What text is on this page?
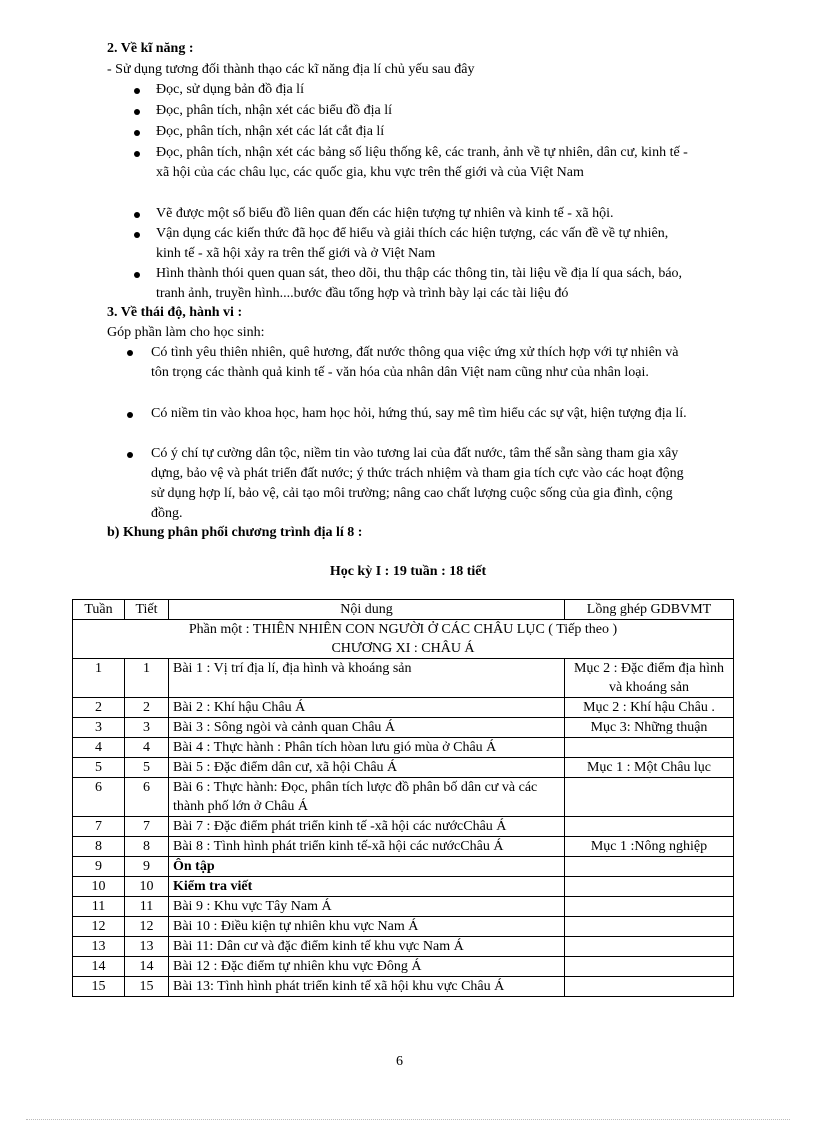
2. Về kĩ năng :
- Sử dụng tương đối thành thạo các kĩ năng địa lí chủ yếu sau đây
Đọc, sử dụng bản đồ địa lí
Đọc, phân tích, nhận xét các biểu đồ địa lí
Đọc, phân tích, nhận xét các lát cắt địa lí
Đọc, phân tích, nhận xét các bảng số liệu thống kê, các tranh, ảnh về tự nhiên, dân cư, kinh tế - xã hội của các châu lục, các quốc gia, khu vực trên thế giới và của Việt Nam
Vẽ được một số biểu đồ liên quan đến các hiện tượng tự nhiên và kinh tế - xã hội.
Vận dụng các kiến thức đã học để hiểu và giải thích các hiện tượng, các vấn đề về tự nhiên, kinh tế - xã hội xảy ra trên thế giới và ở Việt Nam
Hình thành thói quen quan sát, theo dõi, thu thập các thông tin, tài liệu về địa lí qua sách, báo, tranh ảnh, truyền hình....bước đầu tổng hợp và trình bày lại các tài liệu đó
3. Về thái độ, hành vi :
Góp phần làm cho học sinh:
Có tình yêu thiên nhiên, quê hương, đất nước thông qua việc ứng xử thích hợp với tự nhiên và tôn trọng các thành quả kinh tế - văn hóa của nhân dân Việt nam cũng như của nhân loại.
Có niềm tin vào khoa học, ham học hỏi, hứng thú, say mê tìm hiểu các sự vật, hiện tượng địa lí.
Có ý chí tự cường dân tộc, niềm tin vào tương lai của đất nước, tâm thế sẵn sàng tham gia xây dựng, bảo vệ và phát triển đất nước; ý thức trách nhiệm và tham gia tích cực vào các hoạt động sử dụng hợp lí, bảo vệ, cải tạo môi trường; nâng cao chất lượng cuộc sống của gia đình, cộng đồng.
b) Khung phân phối chương trình địa lí 8 :
Học kỳ I : 19 tuần : 18 tiết
Tuần	Tiết	Nội dung	Lồng ghép GDBVMT
Phần một : THIÊN NHIÊN CON NGƯỜI Ở CÁC CHÂU LỤC ( Tiếp theo )			
CHƯƠNG XI : CHÂU Á			
1	1	Bài 1 : Vị trí địa lí, địa hình và khoáng sản	Mục 2 : Đặc điểm địa hình và khoáng sản
2	2	Bài 2 : Khí hậu Châu Á	Mục 2 : Khí hậu Châu .
3	3	Bài 3 : Sông ngòi và cảnh quan Châu Á	Mục 3: Những thuận
4	4	Bài 4 : Thực hành : Phân tích hòan lưu gió mùa ở Châu Á	
5	5	Bài 5 : Đặc điểm dân cư, xã hội Châu Á	Mục 1 : Một Châu lục
6	6	Bài 6 : Thực hành: Đọc, phân tích lược đồ phân bố dân cư và các thành phố lớn ở Châu Á	
7	7	Bài 7 : Đặc điểm phát triển kinh tế -xã hội các nướcChâu Á	
8	8	Bài 8 : Tình hình phát triển kinh tế-xã hội các nướcChâu Á	Mục 1 :Nông nghiệp
9	9	Ôn tập	
10	10	Kiểm tra viết	
11	11	Bài 9 : Khu vực Tây Nam Á	
12	12	Bài 10 : Điều kiện tự nhiên khu vực Nam Á	
13	13	Bài 11: Dân cư và đặc điểm kinh tế khu vực Nam Á	
14	14	Bài 12 : Đặc điểm tự nhiên khu vực Đông Á	
15	15	Bài 13: Tình hình phát triển kinh tế xã hội khu vực Châu Á	
6
